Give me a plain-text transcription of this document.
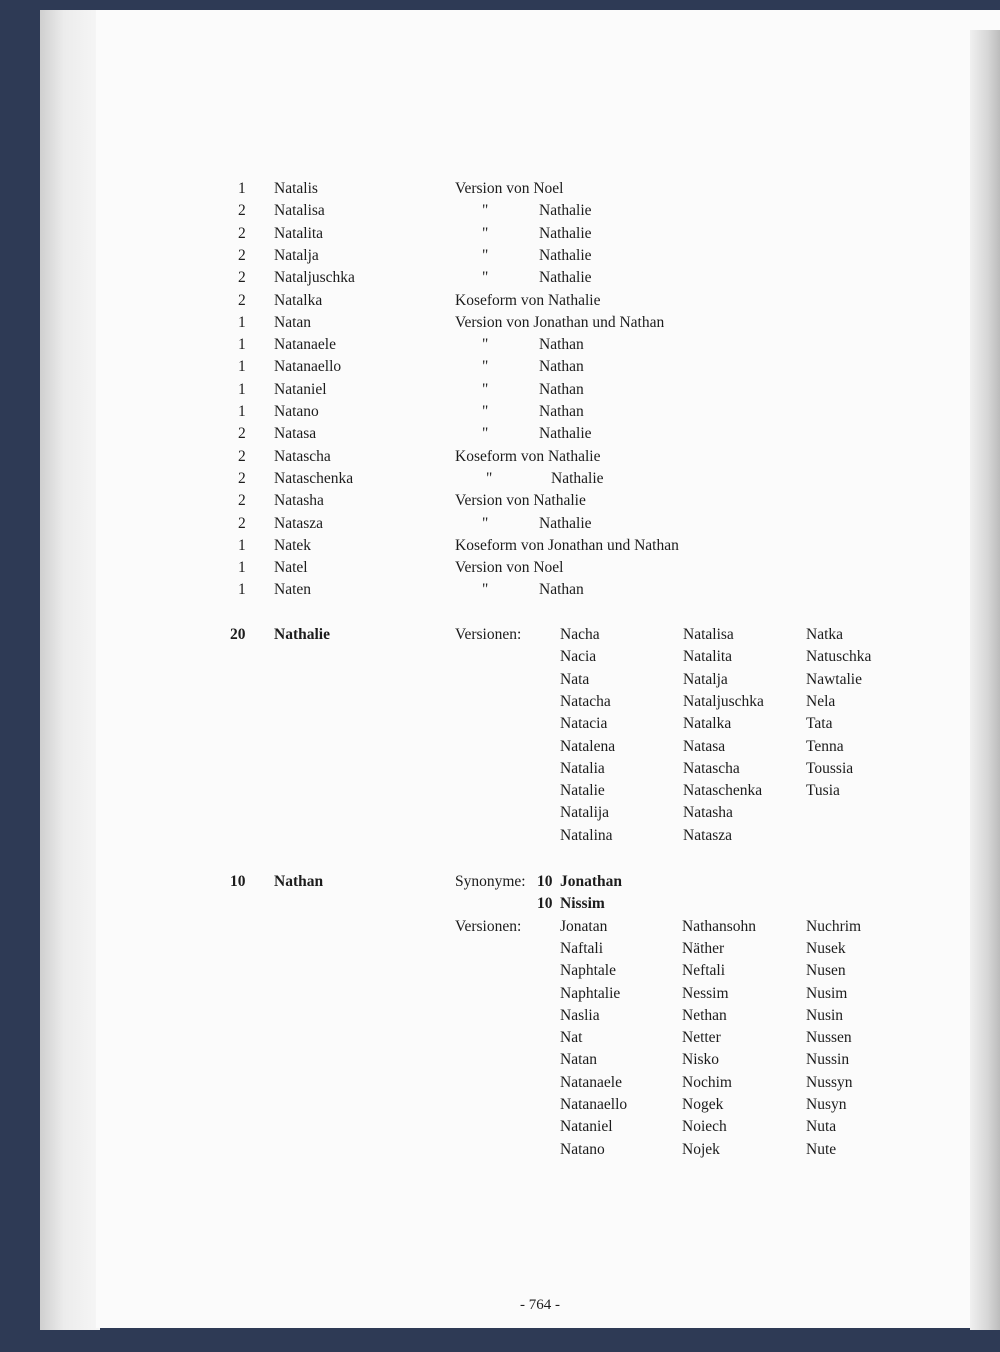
1 Natalis	Version von Noel
2 Natalisa	"	Nathalie
2 Natalita	"	Nathalie
2 Natalja	"	Nathalie
2 Nataljuschka	"	Nathalie
2 Natalka	Koseform von Nathalie
1 Natan	Version von Jonathan und Nathan
1 Natanaele	"	Nathan
1 Natanaello	"	Nathan
1 Nataniel	"	Nathan
1 Natano	"	Nathan
2 Natasa	"	Nathalie
2 Natascha	Koseform von Nathalie
2 Nataschenka	"	Nathalie
2 Natasha	Version von Nathalie
2 Natasza	"	Nathalie
1 Natek	Koseform von Jonathan und Nathan
1 Natel	Version von Noel
1 Naten	"	Nathan
20 Nathalie	Versionen: Nacha	Natalisa	Natka
Nacia	Natalita	Natuschka
Nata	Natalja	Nawtalie
Natacha	Nataljuschka	Nela
Natacia	Natalka	Tata
Natalena	Natasa	Tenna
Natalia	Natascha	Toussia
Natalie	Nataschenka	Tusia
Natalija	Natasha
Natalina	Natasza
10 Nathan	Synonyme: 10 Jonathan
10 Nissim
Versionen: Jonatan	Nathansohn	Nuchrim
Naftali	Näther	Nusek
Naphtale	Neftali	Nusen
Naphtalie	Nessim	Nusim
Naslia	Nethan	Nusin
Nat	Netter	Nussen
Natan	Nisko	Nussin
Natanaele	Nochim	Nussyn
Natanaello	Nogek	Nusyn
Nataniel	Noiech	Nuta
Natano	Nojek	Nute
- 764 -
